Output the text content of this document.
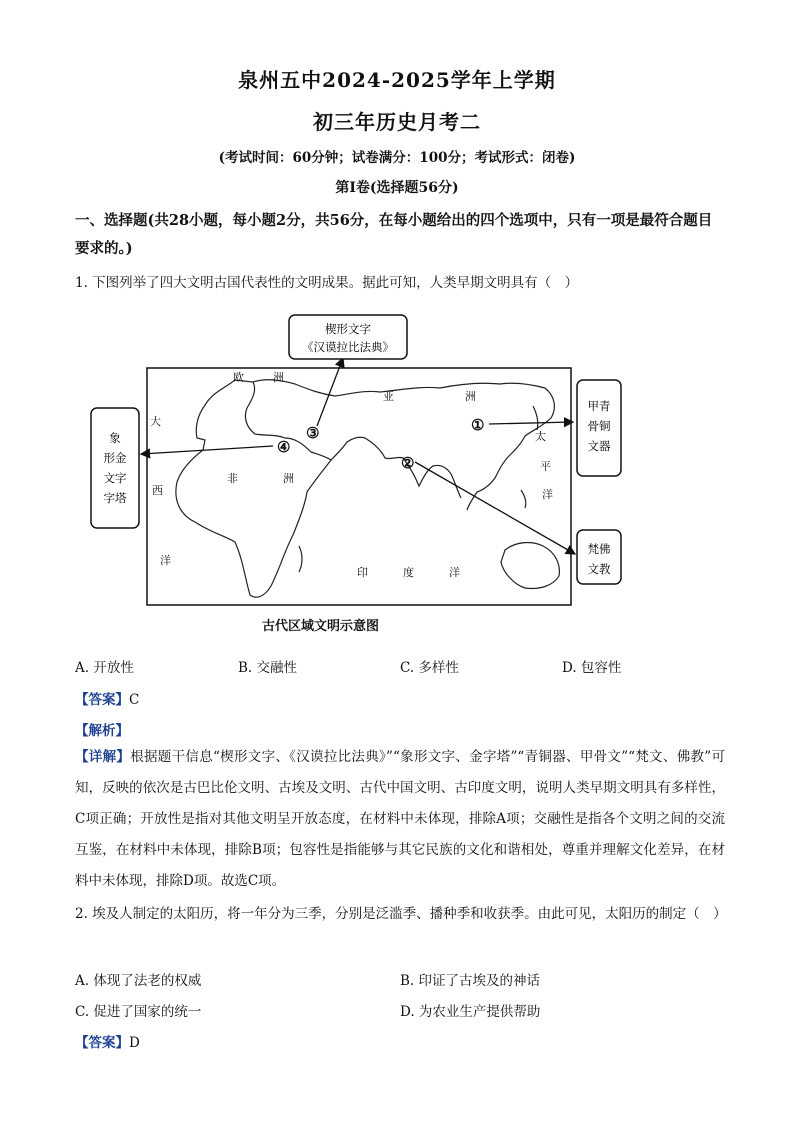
泉州五中2024-2025学年上学期
初三年历史月考二
(考试时间：60分钟；试卷满分：100分；考试形式：闭卷)
第Ⅰ卷(选择题56分)
一、选择题(共28小题，每小题2分，共56分，在每小题给出的四个选项中，只有一项是最符合题目要求的。)
1. 下图列举了四大文明古国代表性的文明成果。据此可知，人类早期文明具有（　）
欧	洲
亚	洲
非	洲
大
西
洋
太
平
洋
印	度	洋
①
②
③
④
楔形文字
《汉谟拉比法典》
象
形金
文字
字塔
甲青
骨铜
文器
梵佛
文教
古代区域文明示意图
A. 开放性	B. 交融性	C. 多样性	D. 包容性
【答案】C
【解析】
【详解】根据题干信息“楔形文字、《汉谟拉比法典》”“象形文字、金字塔”“青铜器、甲骨文”“梵文、佛教”可知，反映的依次是古巴比伦文明、古埃及文明、古代中国文明、古印度文明，说明人类早期文明具有多样性，C项正确；开放性是指对其他文明呈开放态度，在材料中未体现，排除A项；交融性是指各个文明之间的交流互鉴，在材料中未体现，排除B项；包容性是指能够与其它民族的文化和谐相处，尊重并理解文化差异，在材料中未体现，排除D项。故选C项。
2. 埃及人制定的太阳历，将一年分为三季，分别是泛滥季、播种季和收获季。由此可见，太阳历的制定（　）
A. 体现了法老的权威	B. 印证了古埃及的神话
C. 促进了国家的统一	D. 为农业生产提供帮助
【答案】D
